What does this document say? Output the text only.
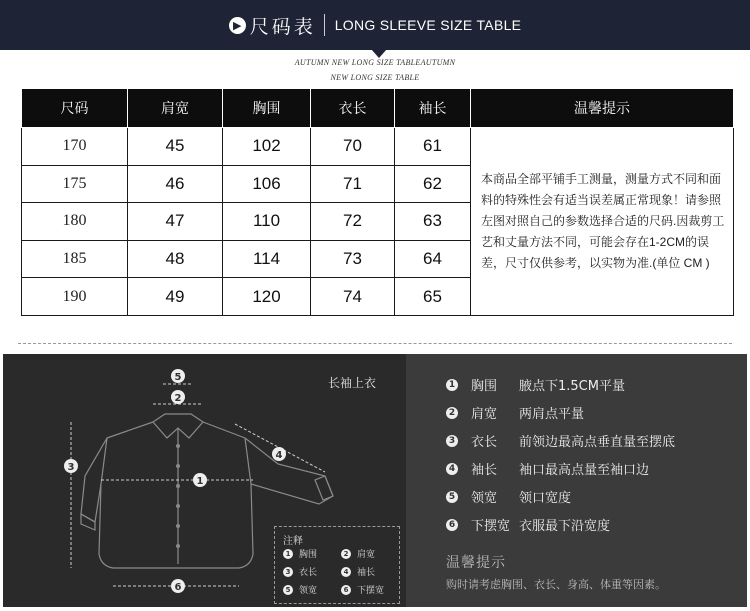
▶ 尺码表 LONG SLEEVE SIZE TABLE
AUTUMN NEW LONG SIZE TABLEAUTUMN
NEW LONG SIZE TABLE
尺码	肩宽	胸围	衣长	袖长	温馨提示
170	45	102	70	61	本商品全部平铺手工测量，测量方式不同和面料的特殊性会有适当误差属正常现象！请参照左图对照自己的参数选择合适的尺码.因裁剪工艺和丈量方法不同，可能会存在1-2CM的误差，尺寸仅供参考，以实物为准.(单位 CM )
175	46	106	71	62	
180	47	110	72	63	
185	48	114	73	64	
190	49	120	74	65	
5
2
1
3
4
6
长袖上衣
注释
1 胸围	2 肩宽
3 衣长	4 袖长
5 领宽	6 下摆宽
1 胸围	腋点下1.5CM平量
2 肩宽	两肩点平量
3 衣长	前领边最高点垂直量至摆底
4 袖长	袖口最高点量至袖口边
5 领宽	领口宽度
6 下摆宽 衣服最下沿宽度
温馨提示
购时请考虑胸围、衣长、身高、体重等因素。
